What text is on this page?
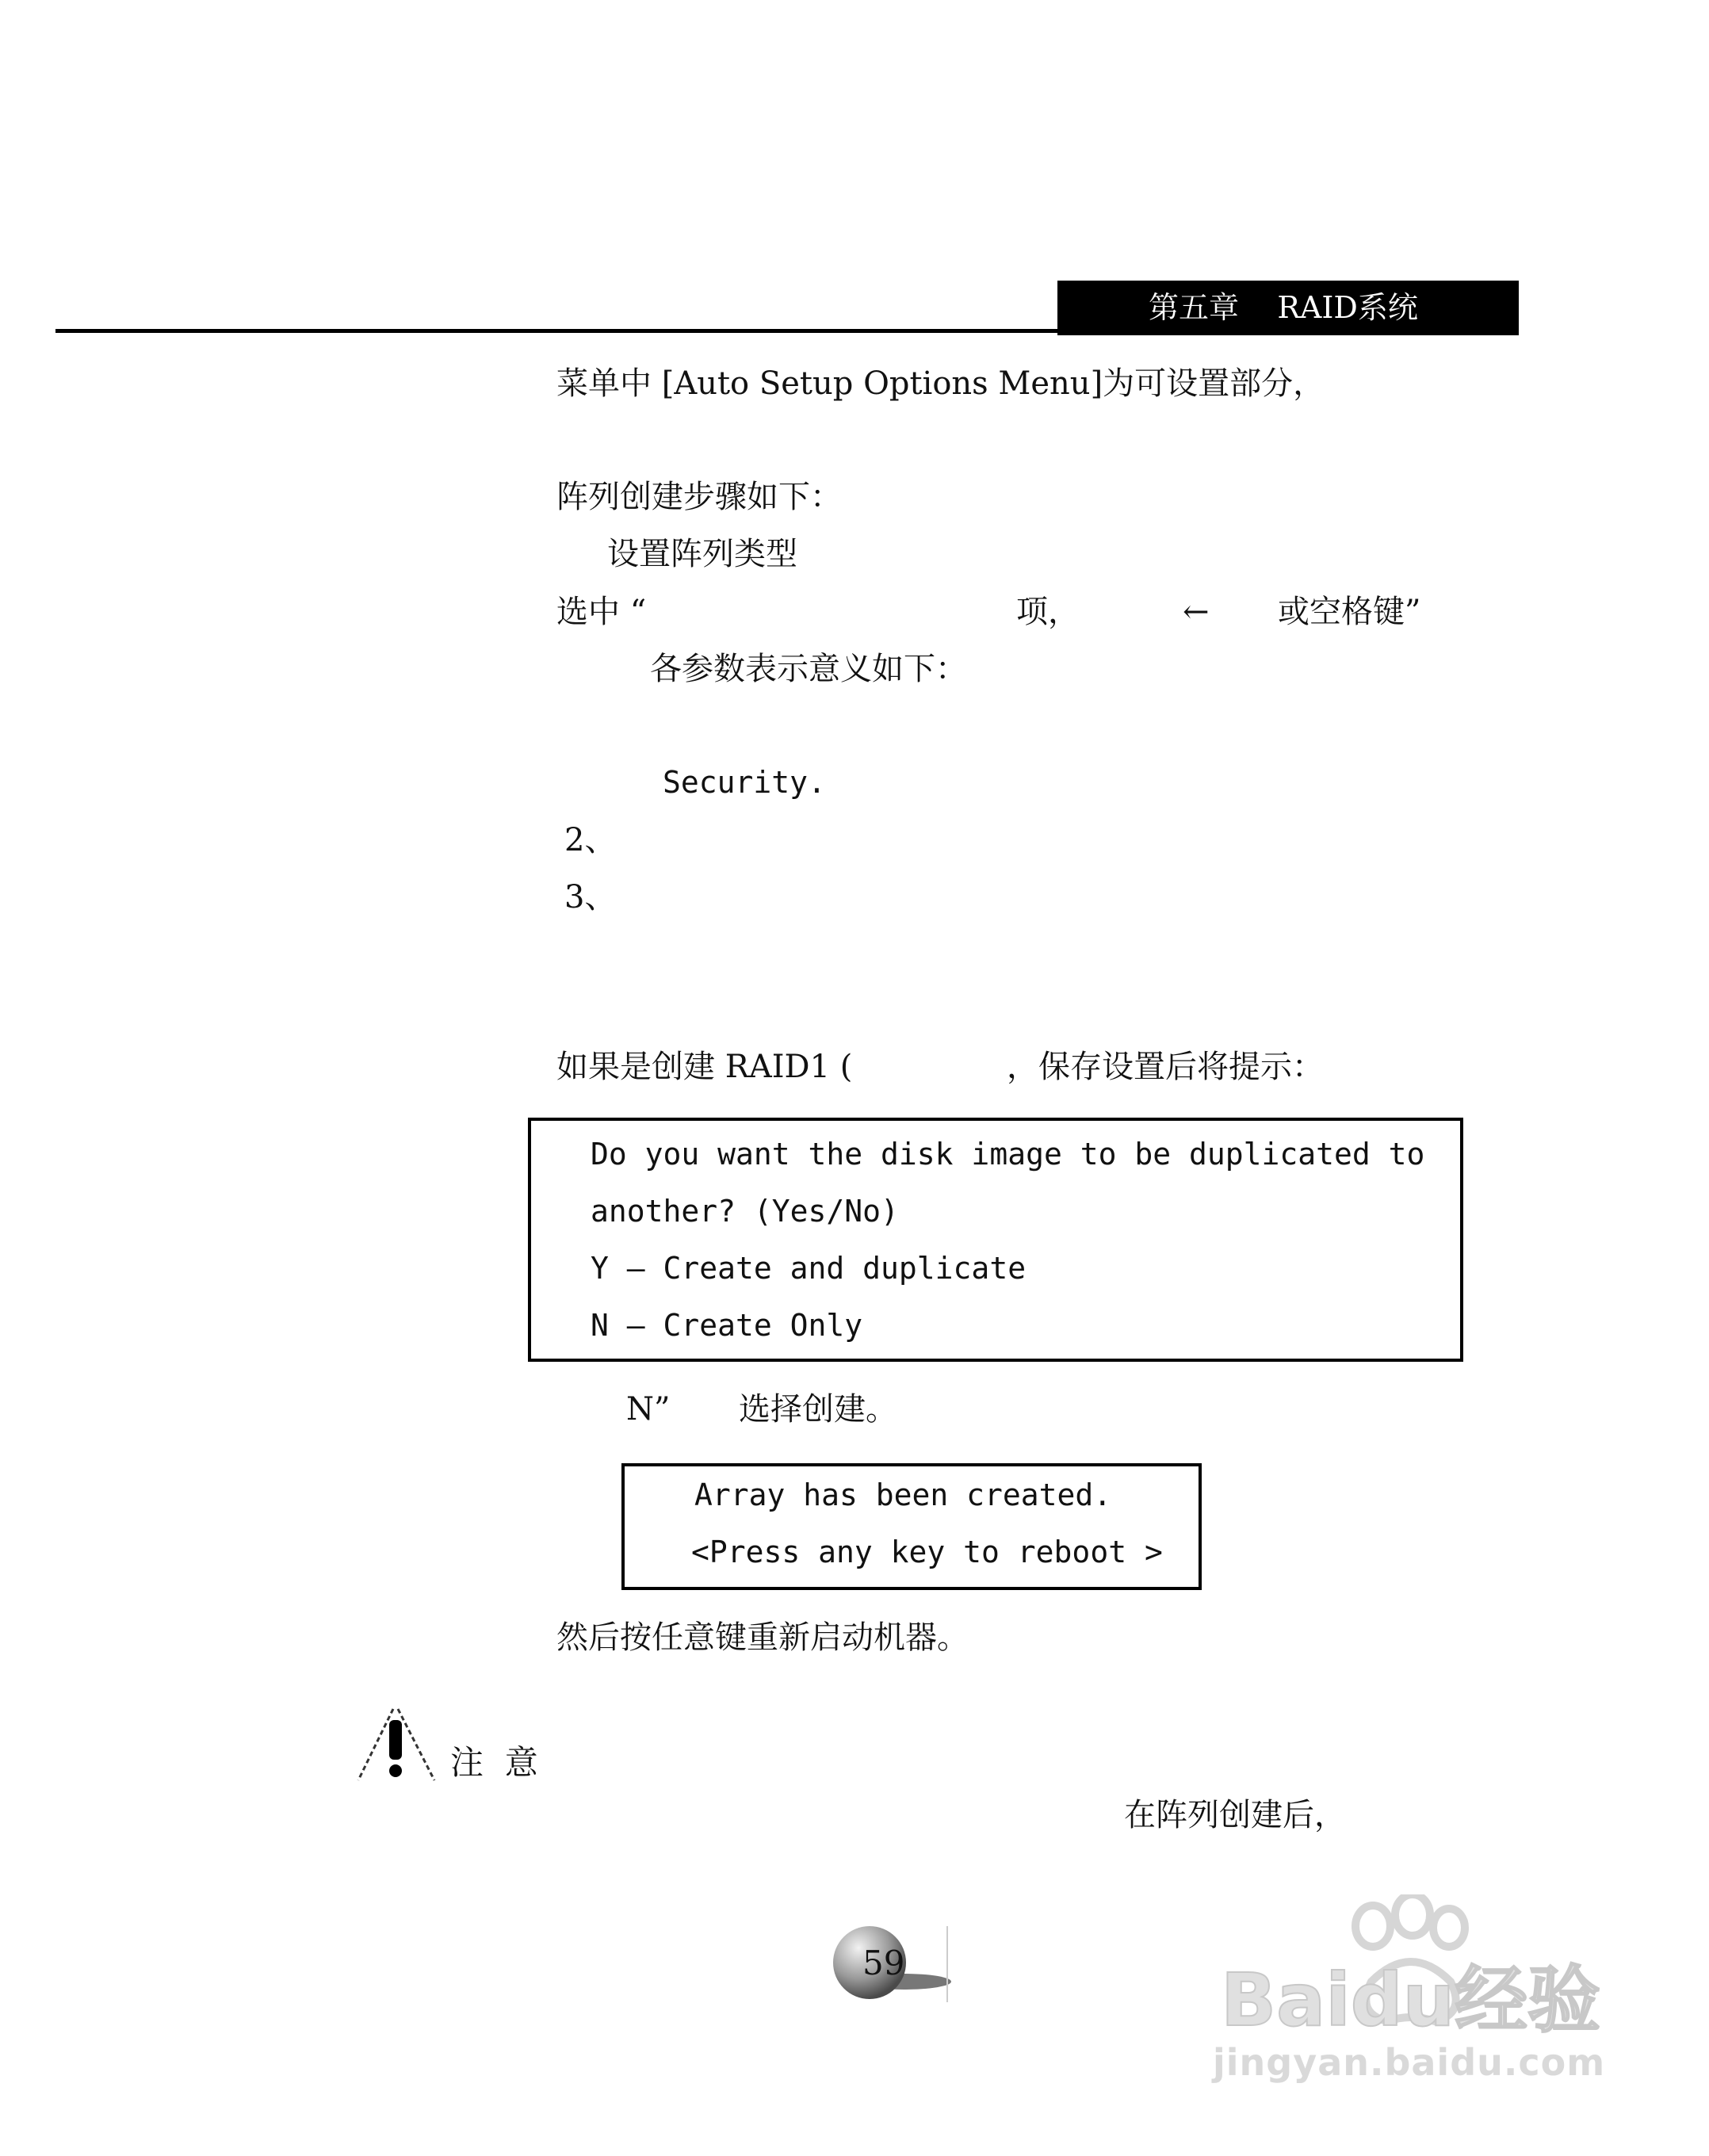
第五章    RAID系统
菜单中 [Auto Setup Options Menu]为可设置部分，
阵列创建步骤如下：
设置阵列类型
选中 “	项，	← 或空格键”
各参数表示意义如下：
Security.
2、
3、
如果是创建 RAID1 (	，保存设置后将提示：
Do you want the disk image to be duplicated to
another? (Yes/No)
Y — Create and duplicate
N — Create Only
N” 选择创建。
Array has been created.
<Press any key to reboot >
然后按任意键重新启动机器。
注  意
在阵列创建后，
59	Baidu经验
jingyan.baidu.com
